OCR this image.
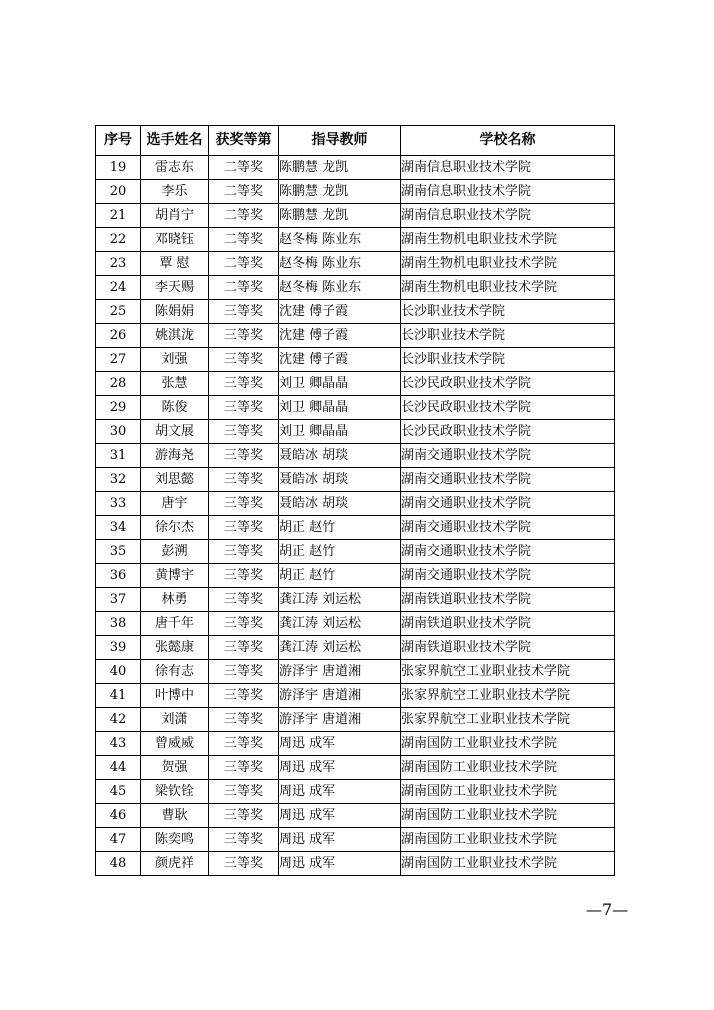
序号	选手姓名	获奖等第	指导教师	学校名称
19	雷志东	二等奖	陈鹏慧 龙凯	湖南信息职业技术学院
20	李乐	二等奖	陈鹏慧 龙凯	湖南信息职业技术学院
21	胡肖宁	二等奖	陈鹏慧 龙凯	湖南信息职业技术学院
22	邓晓钰	二等奖	赵冬梅 陈业东	湖南生物机电职业技术学院
23	覃 慰	二等奖	赵冬梅 陈业东	湖南生物机电职业技术学院
24	李天赐	二等奖	赵冬梅 陈业东	湖南生物机电职业技术学院
25	陈娟娟	三等奖	沈建 傅子霞	长沙职业技术学院
26	姚淇泷	三等奖	沈建 傅子霞	长沙职业技术学院
27	刘强	三等奖	沈建 傅子霞	长沙职业技术学院
28	张慧	三等奖	刘卫 卿晶晶	长沙民政职业技术学院
29	陈俊	三等奖	刘卫 卿晶晶	长沙民政职业技术学院
30	胡文展	三等奖	刘卫 卿晶晶	长沙民政职业技术学院
31	游海尧	三等奖	聂皓冰 胡琰	湖南交通职业技术学院
32	刘思懿	三等奖	聂皓冰 胡琰	湖南交通职业技术学院
33	唐宇	三等奖	聂皓冰 胡琰	湖南交通职业技术学院
34	徐尔杰	三等奖	胡正 赵竹	湖南交通职业技术学院
35	彭溯	三等奖	胡正 赵竹	湖南交通职业技术学院
36	黄博宇	三等奖	胡正 赵竹	湖南交通职业技术学院
37	林勇	三等奖	龚江涛 刘运松	湖南铁道职业技术学院
38	唐千年	三等奖	龚江涛 刘运松	湖南铁道职业技术学院
39	张懿康	三等奖	龚江涛 刘运松	湖南铁道职业技术学院
40	徐有志	三等奖	游泽宇 唐道湘	张家界航空工业职业技术学院
41	叶博中	三等奖	游泽宇 唐道湘	张家界航空工业职业技术学院
42	刘潇	三等奖	游泽宇 唐道湘	张家界航空工业职业技术学院
43	曾威威	三等奖	周迅 成军	湖南国防工业职业技术学院
44	贺强	三等奖	周迅 成军	湖南国防工业职业技术学院
45	梁钦铨	三等奖	周迅 成军	湖南国防工业职业技术学院
46	曹耿	三等奖	周迅 成军	湖南国防工业职业技术学院
47	陈奕鸣	三等奖	周迅 成军	湖南国防工业职业技术学院
48	颜虎祥	三等奖	周迅 成军	湖南国防工业职业技术学院
—7—
